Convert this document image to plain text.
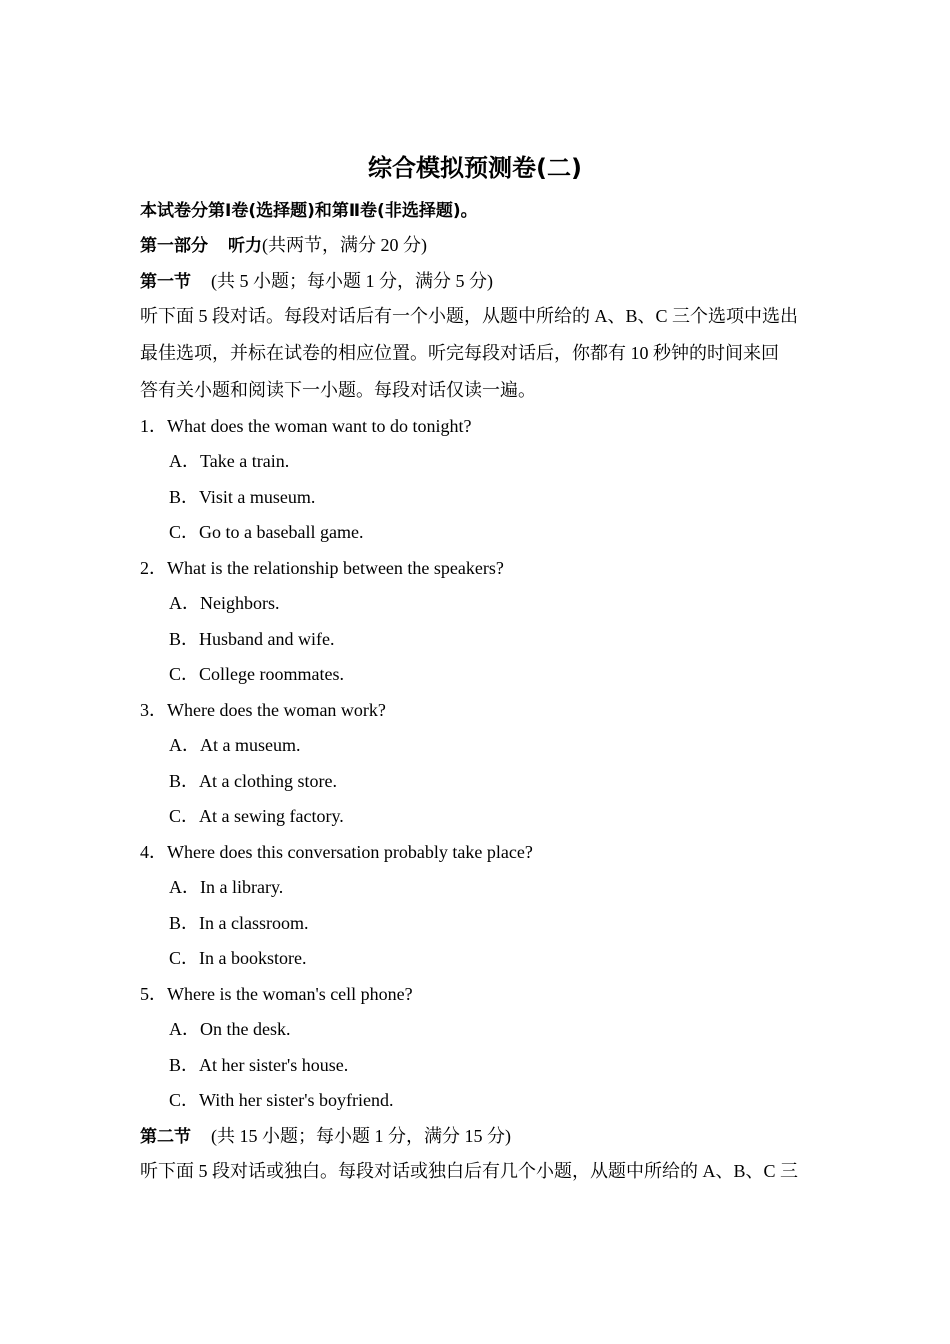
综合模拟预测卷(二)
本试卷分第Ⅰ卷(选择题)和第Ⅱ卷(非选择题)。
第一部分 听力(共两节，满分 20 分)
第一节 (共 5 小题；每小题 1 分，满分 5 分)
听下面 5 段对话。每段对话后有一个小题，从题中所给的 A、B、C 三个选项中选出
最佳选项，并标在试卷的相应位置。听完每段对话后，你都有 10 秒钟的时间来回
答有关小题和阅读下一小题。每段对话仅读一遍。
1．What does the woman want to do tonight?
A．Take a train.
B．Visit a museum.
C．Go to a baseball game.
2．What is the relationship between the speakers?
A．Neighbors.
B．Husband and wife.
C．College roommates.
3．Where does the woman work?
A．At a museum.
B．At a clothing store.
C．At a sewing factory.
4．Where does this conversation probably take place?
A．In a library.
B．In a classroom.
C．In a bookstore.
5．Where is the woman's cell phone?
A．On the desk.
B．At her sister's house.
C．With her sister's boyfriend.
第二节 (共 15 小题；每小题 1 分，满分 15 分)
听下面 5 段对话或独白。每段对话或独白后有几个小题，从题中所给的 A、B、C 三
